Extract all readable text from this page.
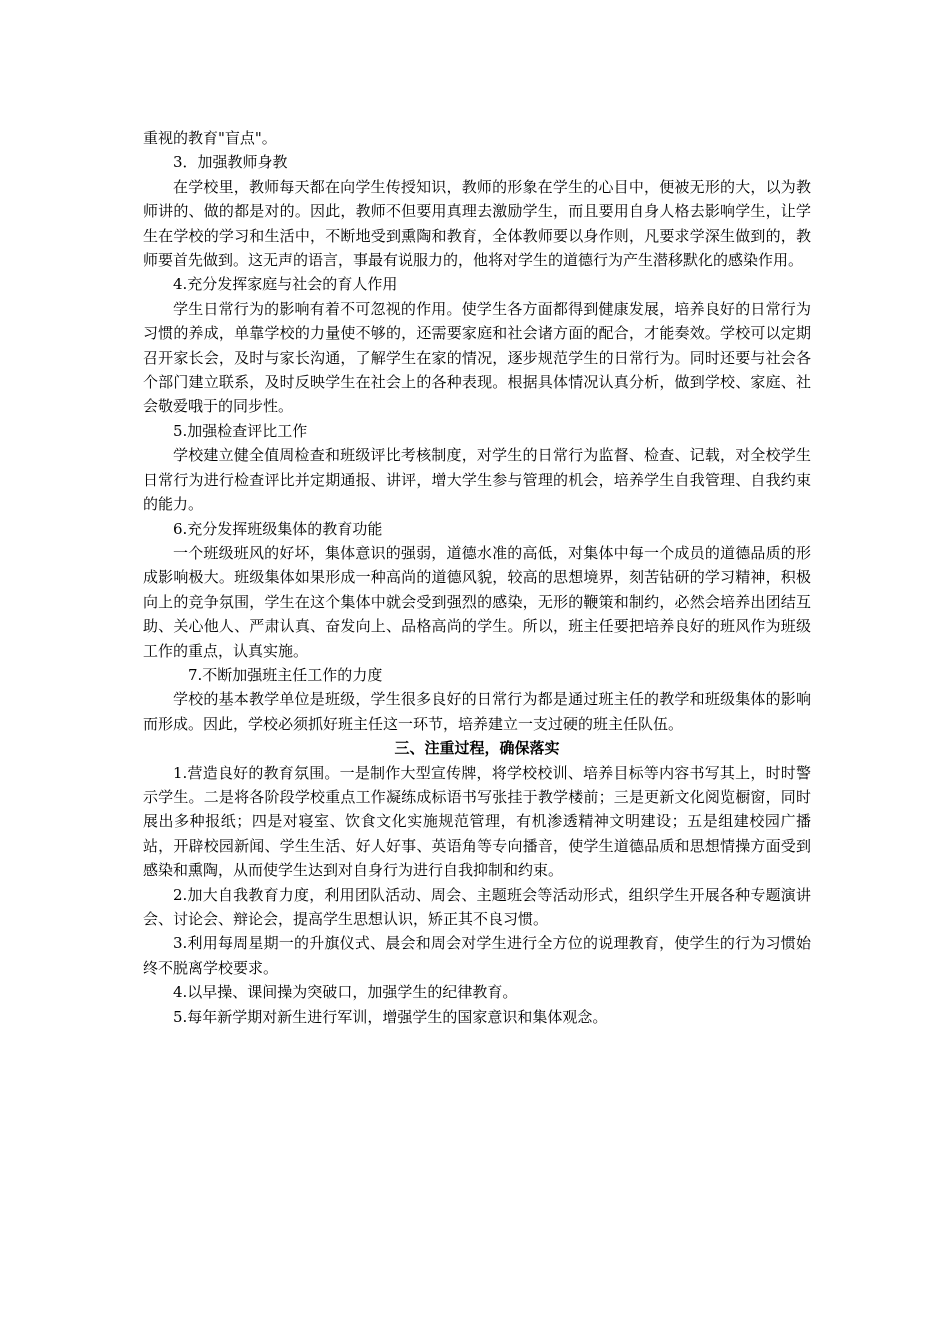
重视的教育"盲点"。

3．加强教师身教

在学校里，教师每天都在向学生传授知识，教师的形象在学生的心目中，便被无形的大，以为教师讲的、做的都是对的。因此，教师不但要用真理去激励学生，而且要用自身人格去影响学生，让学生在学校的学习和生活中，不断地受到熏陶和教育，全体教师要以身作则，凡要求学深生做到的，教师要首先做到。这无声的语言，事最有说服力的，他将对学生的道德行为产生潜移默化的感染作用。

4.充分发挥家庭与社会的育人作用

学生日常行为的影响有着不可忽视的作用。使学生各方面都得到健康发展，培养良好的日常行为习惯的养成，单靠学校的力量使不够的，还需要家庭和社会诸方面的配合，才能奏效。学校可以定期召开家长会，及时与家长沟通，了解学生在家的情况，逐步规范学生的日常行为。同时还要与社会各个部门建立联系，及时反映学生在社会上的各种表现。根据具体情况认真分析，做到学校、家庭、社会敬爱哦于的同步性。

5.加强检查评比工作

学校建立健全值周检查和班级评比考核制度，对学生的日常行为监督、检查、记载，对全校学生日常行为进行检查评比并定期通报、讲评，增大学生参与管理的机会，培养学生自我管理、自我约束的能力。

6.充分发挥班级集体的教育功能

一个班级班风的好坏，集体意识的强弱，道德水准的高低，对集体中每一个成员的道德品质的形成影响极大。班级集体如果形成一种高尚的道德风貌，较高的思想境界，刻苦钻研的学习精神，积极向上的竞争氛围，学生在这个集体中就会受到强烈的感染，无形的鞭策和制约，必然会培养出团结互助、关心他人、严肃认真、奋发向上、品格高尚的学生。所以，班主任要把培养良好的班风作为班级工作的重点，认真实施。

7.不断加强班主任工作的力度

学校的基本教学单位是班级，学生很多良好的日常行为都是通过班主任的教学和班级集体的影响而形成。因此，学校必须抓好班主任这一环节，培养建立一支过硬的班主任队伍。

三、注重过程，确保落实

1.营造良好的教育氛围。一是制作大型宣传牌，将学校校训、培养目标等内容书写其上，时时警示学生。二是将各阶段学校重点工作凝练成标语书写张挂于教学楼前；三是更新文化阅览橱窗，同时展出多种报纸；四是对寝室、饮食文化实施规范管理，有机渗透精神文明建设；五是组建校园广播站，开辟校园新闻、学生生活、好人好事、英语角等专向播音，使学生道德品质和思想情操方面受到感染和熏陶，从而使学生达到对自身行为进行自我抑制和约束。

2.加大自我教育力度，利用团队活动、周会、主题班会等活动形式，组织学生开展各种专题演讲会、讨论会、辩论会，提高学生思想认识，矫正其不良习惯。

3.利用每周星期一的升旗仪式、晨会和周会对学生进行全方位的说理教育，使学生的行为习惯始终不脱离学校要求。

4.以早操、课间操为突破口，加强学生的纪律教育。

5.每年新学期对新生进行军训，增强学生的国家意识和集体观念。
